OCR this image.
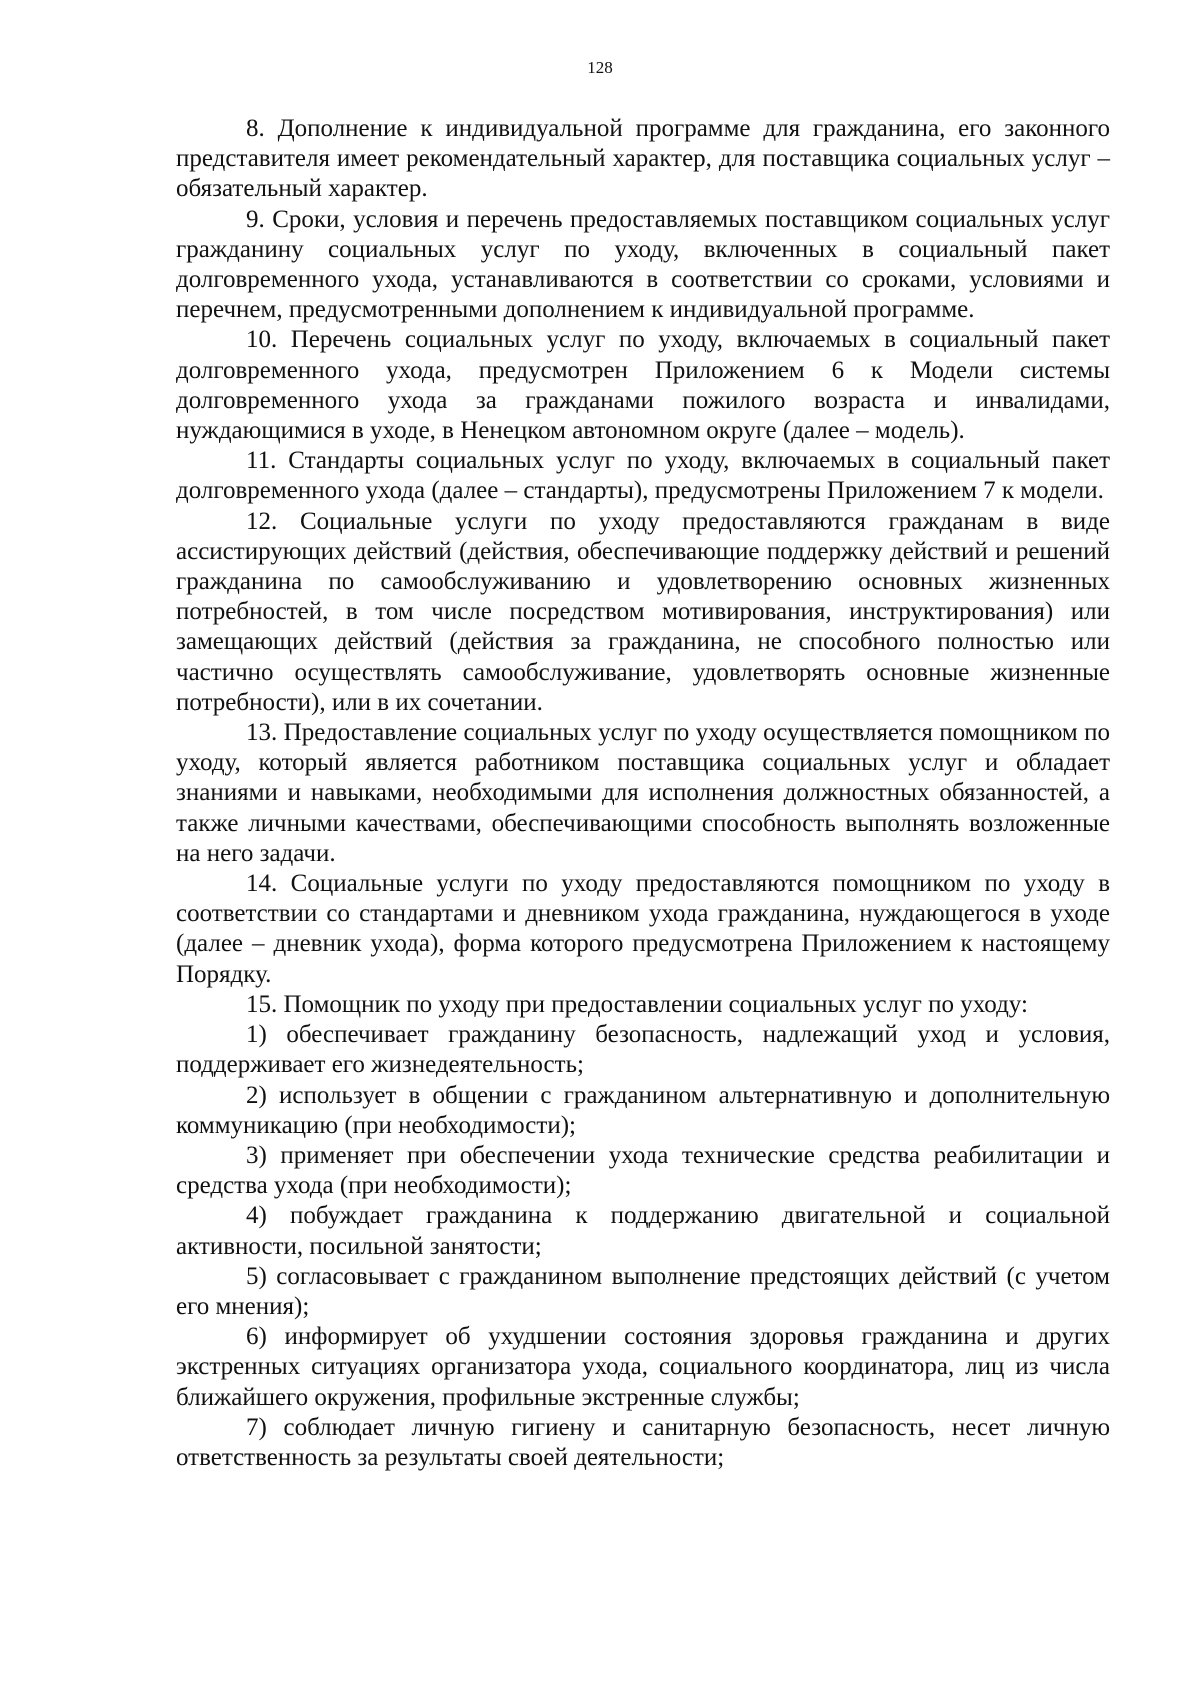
128

8. Дополнение к индивидуальной программе для гражданина, его законного представителя имеет рекомендательный характер, для поставщика социальных услуг – обязательный характер.

9. Сроки, условия и перечень предоставляемых поставщиком социальных услуг гражданину социальных услуг по уходу, включенных в социальный пакет долговременного ухода, устанавливаются в соответствии со сроками, условиями и перечнем, предусмотренными дополнением к индивидуальной программе.

10. Перечень социальных услуг по уходу, включаемых в социальный пакет долговременного ухода, предусмотрен Приложением 6 к Модели системы долговременного ухода за гражданами пожилого возраста и инвалидами, нуждающимися в уходе, в Ненецком автономном округе (далее – модель).

11. Стандарты социальных услуг по уходу, включаемых в социальный пакет долговременного ухода (далее – стандарты), предусмотрены Приложением 7 к модели.

12. Социальные услуги по уходу предоставляются гражданам в виде ассистирующих действий (действия, обеспечивающие поддержку действий и решений гражданина по самообслуживанию и удовлетворению основных жизненных потребностей, в том числе посредством мотивирования, инструктирования) или замещающих действий (действия за гражданина, не способного полностью или частично осуществлять самообслуживание, удовлетворять основные жизненные потребности), или в их сочетании.

13. Предоставление социальных услуг по уходу осуществляется помощником по уходу, который является работником поставщика социальных услуг и обладает знаниями и навыками, необходимыми для исполнения должностных обязанностей, а также личными качествами, обеспечивающими способность выполнять возложенные на него задачи.

14. Социальные услуги по уходу предоставляются помощником по уходу в соответствии со стандартами и дневником ухода гражданина, нуждающегося в уходе (далее – дневник ухода), форма которого предусмотрена Приложением к настоящему Порядку.

15. Помощник по уходу при предоставлении социальных услуг по уходу:

1) обеспечивает гражданину безопасность, надлежащий уход и условия, поддерживает его жизнедеятельность;

2) использует в общении с гражданином альтернативную и дополнительную коммуникацию (при необходимости);

3) применяет при обеспечении ухода технические средства реабилитации и средства ухода (при необходимости);

4) побуждает гражданина к поддержанию двигательной и социальной активности, посильной занятости;

5) согласовывает с гражданином выполнение предстоящих действий (с учетом его мнения);

6) информирует об ухудшении состояния здоровья гражданина и других экстренных ситуациях организатора ухода, социального координатора, лиц из числа ближайшего окружения, профильные экстренные службы;

7) соблюдает личную гигиену и санитарную безопасность, несет личную ответственность за результаты своей деятельности;
